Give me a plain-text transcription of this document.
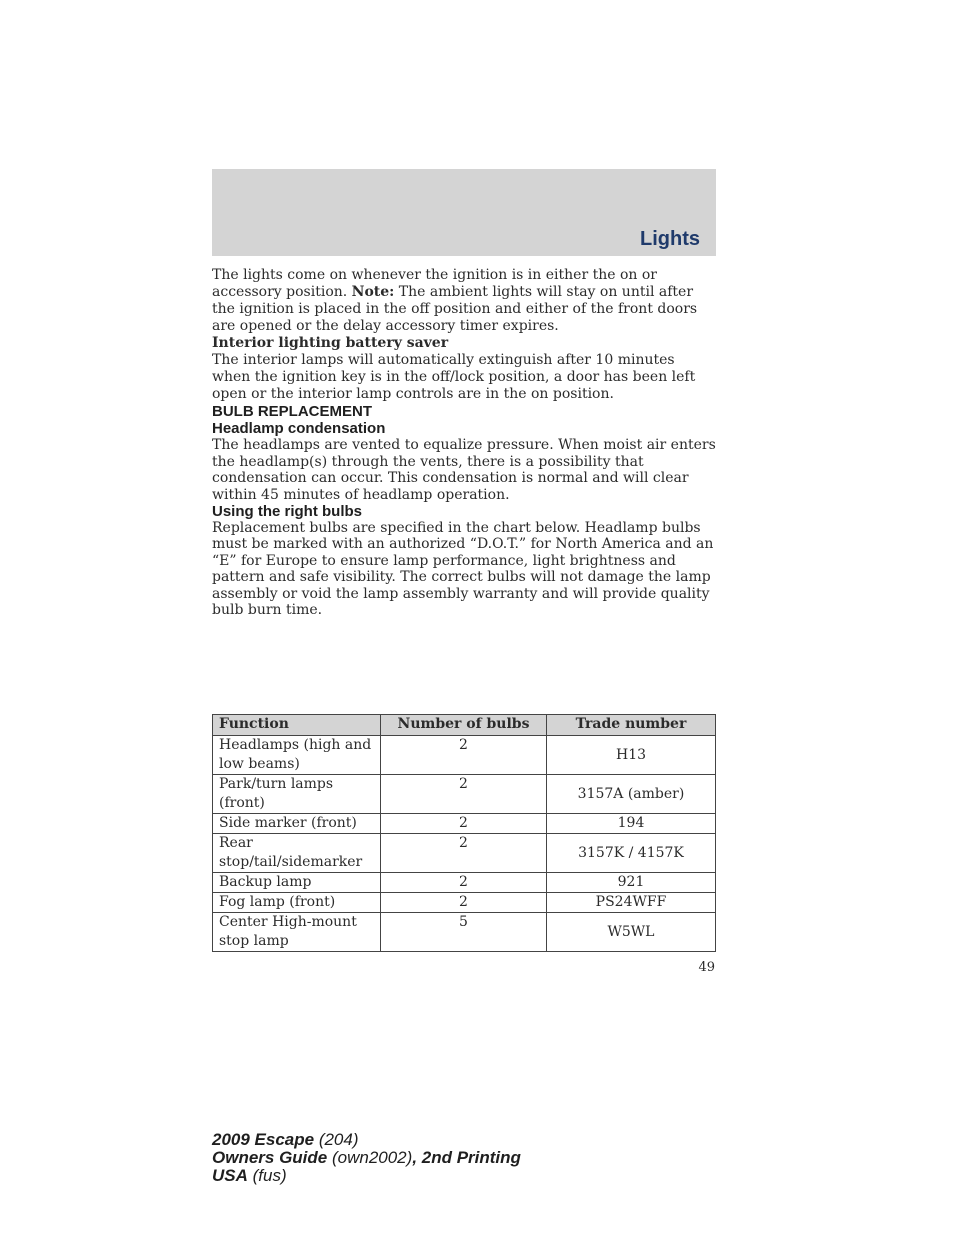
Lights

The lights come on whenever the ignition is in either the on or accessory position. Note: The ambient lights will stay on until after the ignition is placed in the off position and either of the front doors are opened or the delay accessory timer expires.

Interior lighting battery saver

The interior lamps will automatically extinguish after 10 minutes when the ignition key is in the off/lock position, a door has been left open or the interior lamp controls are in the on position.

BULB REPLACEMENT

Headlamp condensation

The headlamps are vented to equalize pressure. When moist air enters the headlamp(s) through the vents, there is a possibility that condensation can occur. This condensation is normal and will clear within 45 minutes of headlamp operation.

Using the right bulbs

Replacement bulbs are specified in the chart below. Headlamp bulbs must be marked with an authorized “D.O.T.” for North America and an “E” for Europe to ensure lamp performance, light brightness and pattern and safe visibility. The correct bulbs will not damage the lamp assembly or void the lamp assembly warranty and will provide quality bulb burn time.

Function	Number of bulbs	Trade number
Headlamps (high and low beams)	2	H13
Park/turn lamps (front)	2	3157A (amber)
Side marker (front)	2	194
Rear stop/tail/sidemarker	2	3157K / 4157K
Backup lamp	2	921
Fog lamp (front)	2	PS24WFF
Center High-mount stop lamp	5	W5WL
49
2009 Escape (204)
Owners Guide (own2002), 2nd Printing
USA (fus)
